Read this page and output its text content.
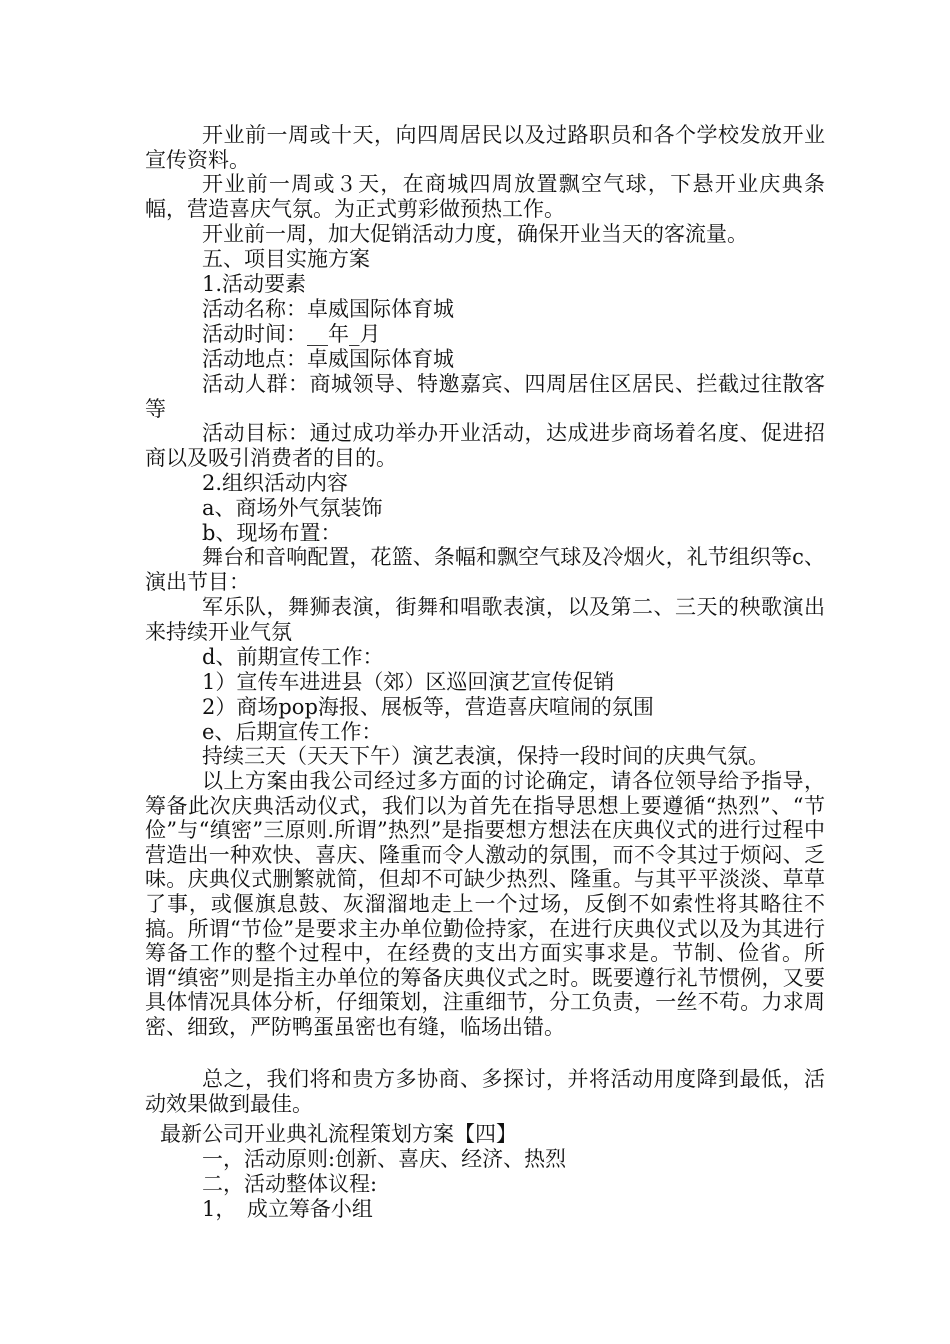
开业前一周或十天，向四周居民以及过路职员和各个学校发放开业宣传资料。
开业前一周或３天，在商城四周放置飘空气球，下悬开业庆典条幅，营造喜庆气氛。为正式剪彩做预热工作。
开业前一周，加大促销活动力度，确保开业当天的客流量。
五、项目实施方案
1.活动要素
活动名称：卓威国际体育城
活动时间：__年_月
活动地点：卓威国际体育城
活动人群：商城领导、特邀嘉宾、四周居住区居民、拦截过往散客等
活动目标：通过成功举办开业活动，达成进步商场着名度、促进招商以及吸引消费者的目的。
2.组织活动内容
a、商场外气氛装饰
b、现场布置：
舞台和音响配置，花篮、条幅和飘空气球及冷烟火，礼节组织等c、演出节目：
军乐队，舞狮表演，街舞和唱歌表演，以及第二、三天的秧歌演出来持续开业气氛
d、前期宣传工作：
1）宣传车进进县（郊）区巡回演艺宣传促销
2）商场pop海报、展板等，营造喜庆喧闹的氛围
e、后期宣传工作：
持续三天（天天下午）演艺表演，保持一段时间的庆典气氛。
以上方案由我公司经过多方面的讨论确定，请各位领导给予指导，筹备此次庆典活动仪式，我们以为首先在指导思想上要遵循“热烈”、“节俭”与“缜密”三原则.所谓”热烈”是指要想方想法在庆典仪式的进行过程中营造出一种欢快、喜庆、隆重而令人激动的氛围，而不令其过于烦闷、乏味。庆典仪式删繁就简，但却不可缺少热烈、隆重。与其平平淡淡、草草了事，或偃旗息鼓、灰溜溜地走上一个过场，反倒不如索性将其略往不搞。所谓“节俭”是要求主办单位勤俭持家，在进行庆典仪式以及为其进行筹备工作的整个过程中，在经费的支出方面实事求是。节制、俭省。所谓“缜密”则是指主办单位的筹备庆典仪式之时。既要遵行礼节惯例，又要具体情况具体分析，仔细策划，注重细节，分工负责，一丝不苟。力求周密、细致，严防鸭蛋虽密也有缝，临场出错。
总之，我们将和贵方多协商、多探讨，并将活动用度降到最低，活动效果做到最佳。
最新公司开业典礼流程策划方案【四】
一，活动原则:创新、喜庆、经济、热烈
二，活动整体议程:
1，　成立筹备小组
